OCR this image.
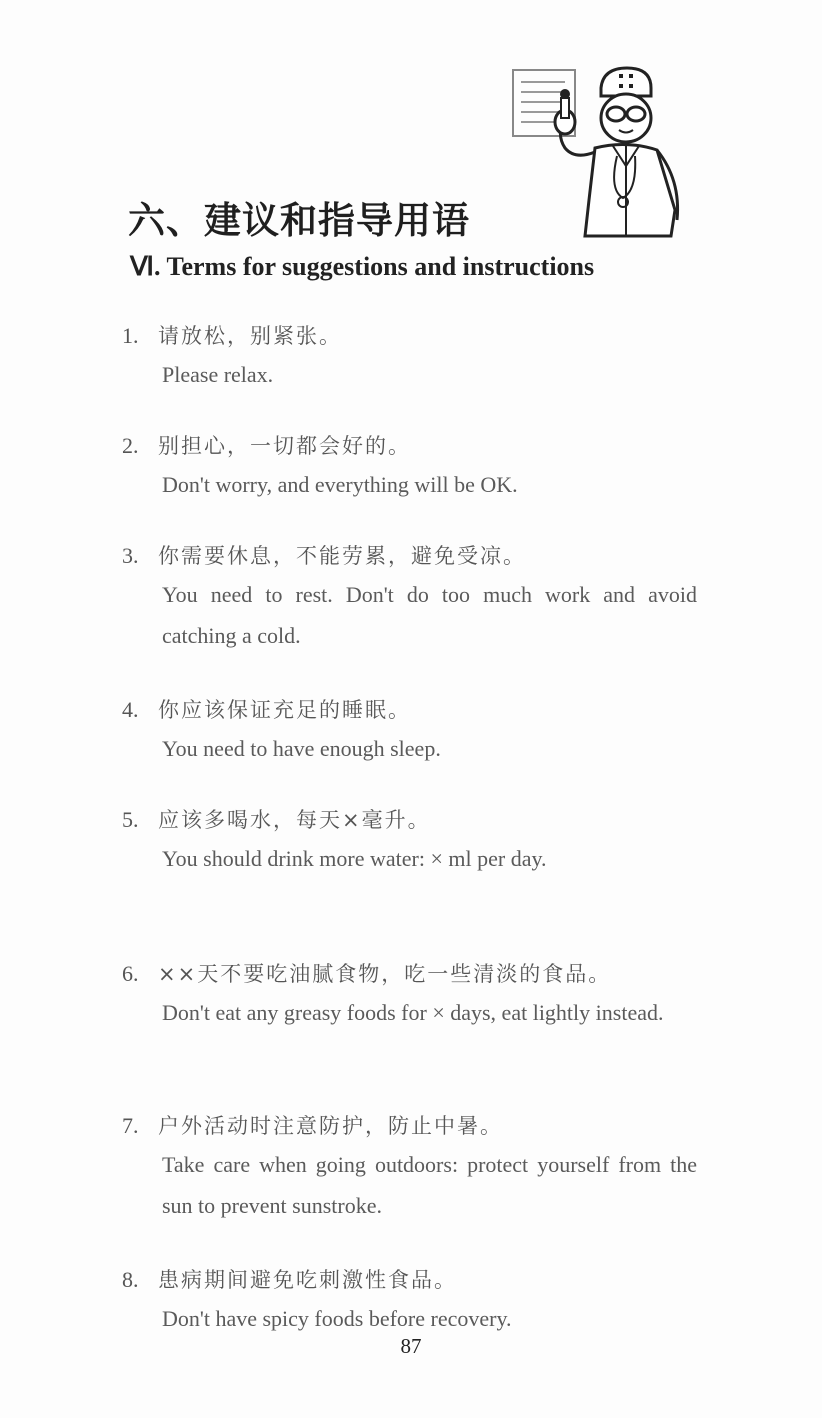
六、建议和指导用语
Ⅵ. Terms for suggestions and instructions
1. 请放松，别紧张。
Please relax.
2. 别担心，一切都会好的。
Don't worry, and everything will be OK.
3. 你需要休息，不能劳累，避免受凉。
You need to rest. Don't do too much work and avoid catching a cold.
4. 你应该保证充足的睡眠。
You need to have enough sleep.
5. 应该多喝水，每天×毫升。
You should drink more water: × ml per day.
6. ××天不要吃油腻食物，吃一些清淡的食品。
Don't eat any greasy foods for × days, eat lightly instead.
7. 户外活动时注意防护，防止中暑。
Take care when going outdoors: protect yourself from the sun to prevent sunstroke.
8. 患病期间避免吃刺激性食品。
Don't have spicy foods before recovery.
87
